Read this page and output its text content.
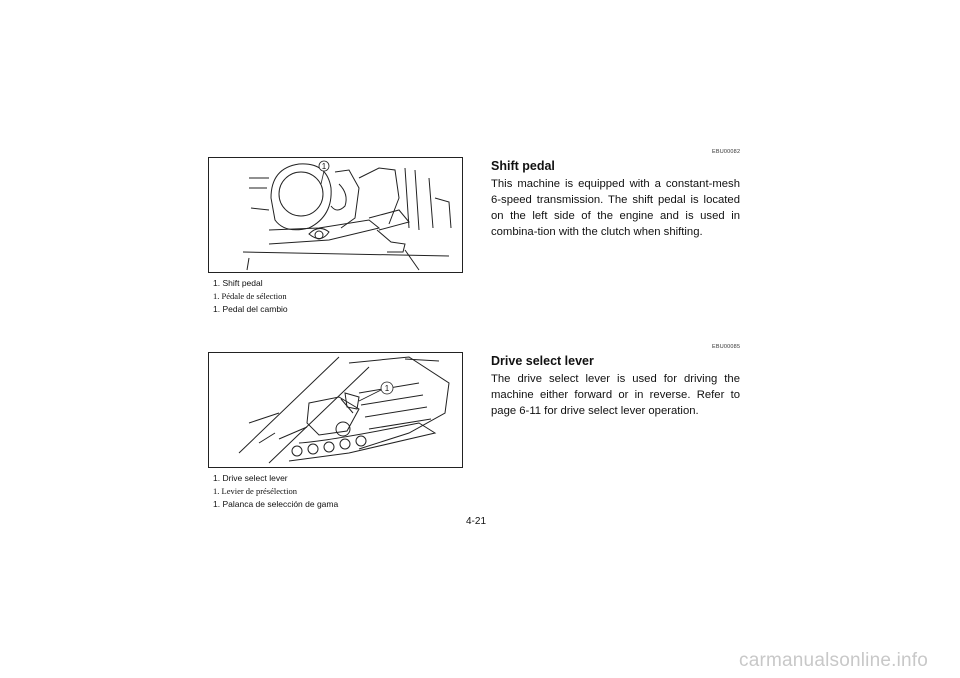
1
1. Shift pedal
1. Pédale de sélection
1. Pedal del cambio
1
1. Drive select lever
1. Levier de présélection
1. Palanca de selección de gama
EBU00082
Shift pedal
This machine is equipped with a constant-mesh 6-speed transmission. The shift pedal is located on the left side of the engine and is used in combina-tion with the clutch when shifting.
EBU00085
Drive select lever
The drive select lever is used for driving the machine either forward or in reverse. Refer to page 6-11 for drive select lever operation.
4-21
carmanualsonline.info
